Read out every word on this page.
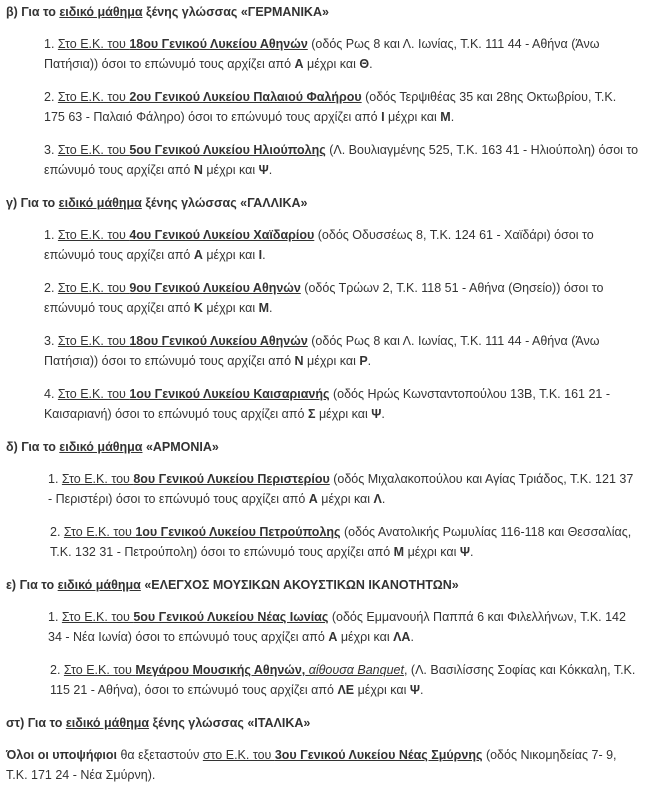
β) Για το ειδικό μάθημα ξένης γλώσσας «ΓΕΡΜΑΝΙΚΑ»
1. Στο Ε.Κ. του 18ου Γενικού Λυκείου Αθηνών (οδός Ρως 8 και Λ. Ιωνίας, Τ.Κ. 111 44 - Αθήνα (Άνω Πατήσια)) όσοι το επώνυμό τους αρχίζει από Α μέχρι και Θ.
2. Στο Ε.Κ. του 2ου Γενικού Λυκείου Παλαιού Φαλήρου (οδός Τερψιθέας 35 και 28ης Οκτωβρίου, Τ.Κ. 175 63 - Παλαιό Φάληρο) όσοι το επώνυμό τους αρχίζει από Ι μέχρι και Μ.
3. Στο Ε.Κ. του 5ου Γενικού Λυκείου Ηλιούπολης (Λ. Βουλιαγμένης 525, Τ.Κ. 163 41 - Ηλιούπολη) όσοι το επώνυμό τους αρχίζει από Ν μέχρι και Ψ.
γ) Για το ειδικό μάθημα ξένης γλώσσας «ΓΑΛΛΙΚΑ»
1. Στο Ε.Κ. του 4ου Γενικού Λυκείου Χαϊδαρίου (οδός Οδυσσέως 8, Τ.Κ. 124 61 - Χαϊδάρι) όσοι το επώνυμό τους αρχίζει από Α μέχρι και Ι.
2. Στο Ε.Κ. του 9ου Γενικού Λυκείου Αθηνών (οδός Τρώων 2, Τ.Κ. 118 51 - Αθήνα (Θησείο)) όσοι το επώνυμό τους αρχίζει από Κ μέχρι και Μ.
3. Στο Ε.Κ. του 18ου Γενικού Λυκείου Αθηνών (οδός Ρως 8 και Λ. Ιωνίας, Τ.Κ. 111 44 - Αθήνα (Άνω Πατήσια)) όσοι το επώνυμό τους αρχίζει από Ν μέχρι και Ρ.
4. Στο Ε.Κ. του 1ου Γενικού Λυκείου Καισαριανής (οδός Ηρώς Κωνσταντοπούλου 13Β, Τ.Κ. 161 21 - Καισαριανή) όσοι το επώνυμό τους αρχίζει από Σ μέχρι και Ψ.
δ) Για το ειδικό μάθημα «ΑΡΜΟΝΙΑ»
1. Στο Ε.Κ. του 8ου Γενικού Λυκείου Περιστερίου (οδός Μιχαλακοπούλου και Αγίας Τριάδος, Τ.Κ. 121 37 - Περιστέρι) όσοι το επώνυμό τους αρχίζει από Α μέχρι και Λ.
2. Στο Ε.Κ. του 1ου Γενικού Λυκείου Πετρούπολης (οδός Ανατολικής Ρωμυλίας 116-118 και Θεσσαλίας, Τ.Κ. 132 31 - Πετρούπολη) όσοι το επώνυμό τους αρχίζει από Μ μέχρι και Ψ.
ε) Για το ειδικό μάθημα «ΕΛΕΓΧΟΣ ΜΟΥΣΙΚΩΝ ΑΚΟΥΣΤΙΚΩΝ ΙΚΑΝΟΤΗΤΩΝ»
1. Στο Ε.Κ. του 5ου Γενικού Λυκείου Νέας Ιωνίας (οδός Εμμανουήλ Παππά 6 και Φιλελλήνων, Τ.Κ. 142 34 - Νέα Ιωνία) όσοι το επώνυμό τους αρχίζει από Α μέχρι και ΛΑ.
2. Στο Ε.Κ. του Μεγάρου Μουσικής Αθηνών, αίθουσα Banquet, (Λ. Βασιλίσσης Σοφίας και Κόκκαλη, Τ.Κ. 115 21 - Αθήνα), όσοι το επώνυμό τους αρχίζει από ΛΕ μέχρι και Ψ.
στ) Για το ειδικό μάθημα ξένης γλώσσας «ΙΤΑΛΙΚΑ»
Όλοι οι υποψήφιοι θα εξεταστούν στο Ε.Κ. του 3ου Γενικού Λυκείου Νέας Σμύρνης (οδός Νικομηδείας 7- 9, Τ.Κ. 171 24 - Νέα Σμύρνη).
